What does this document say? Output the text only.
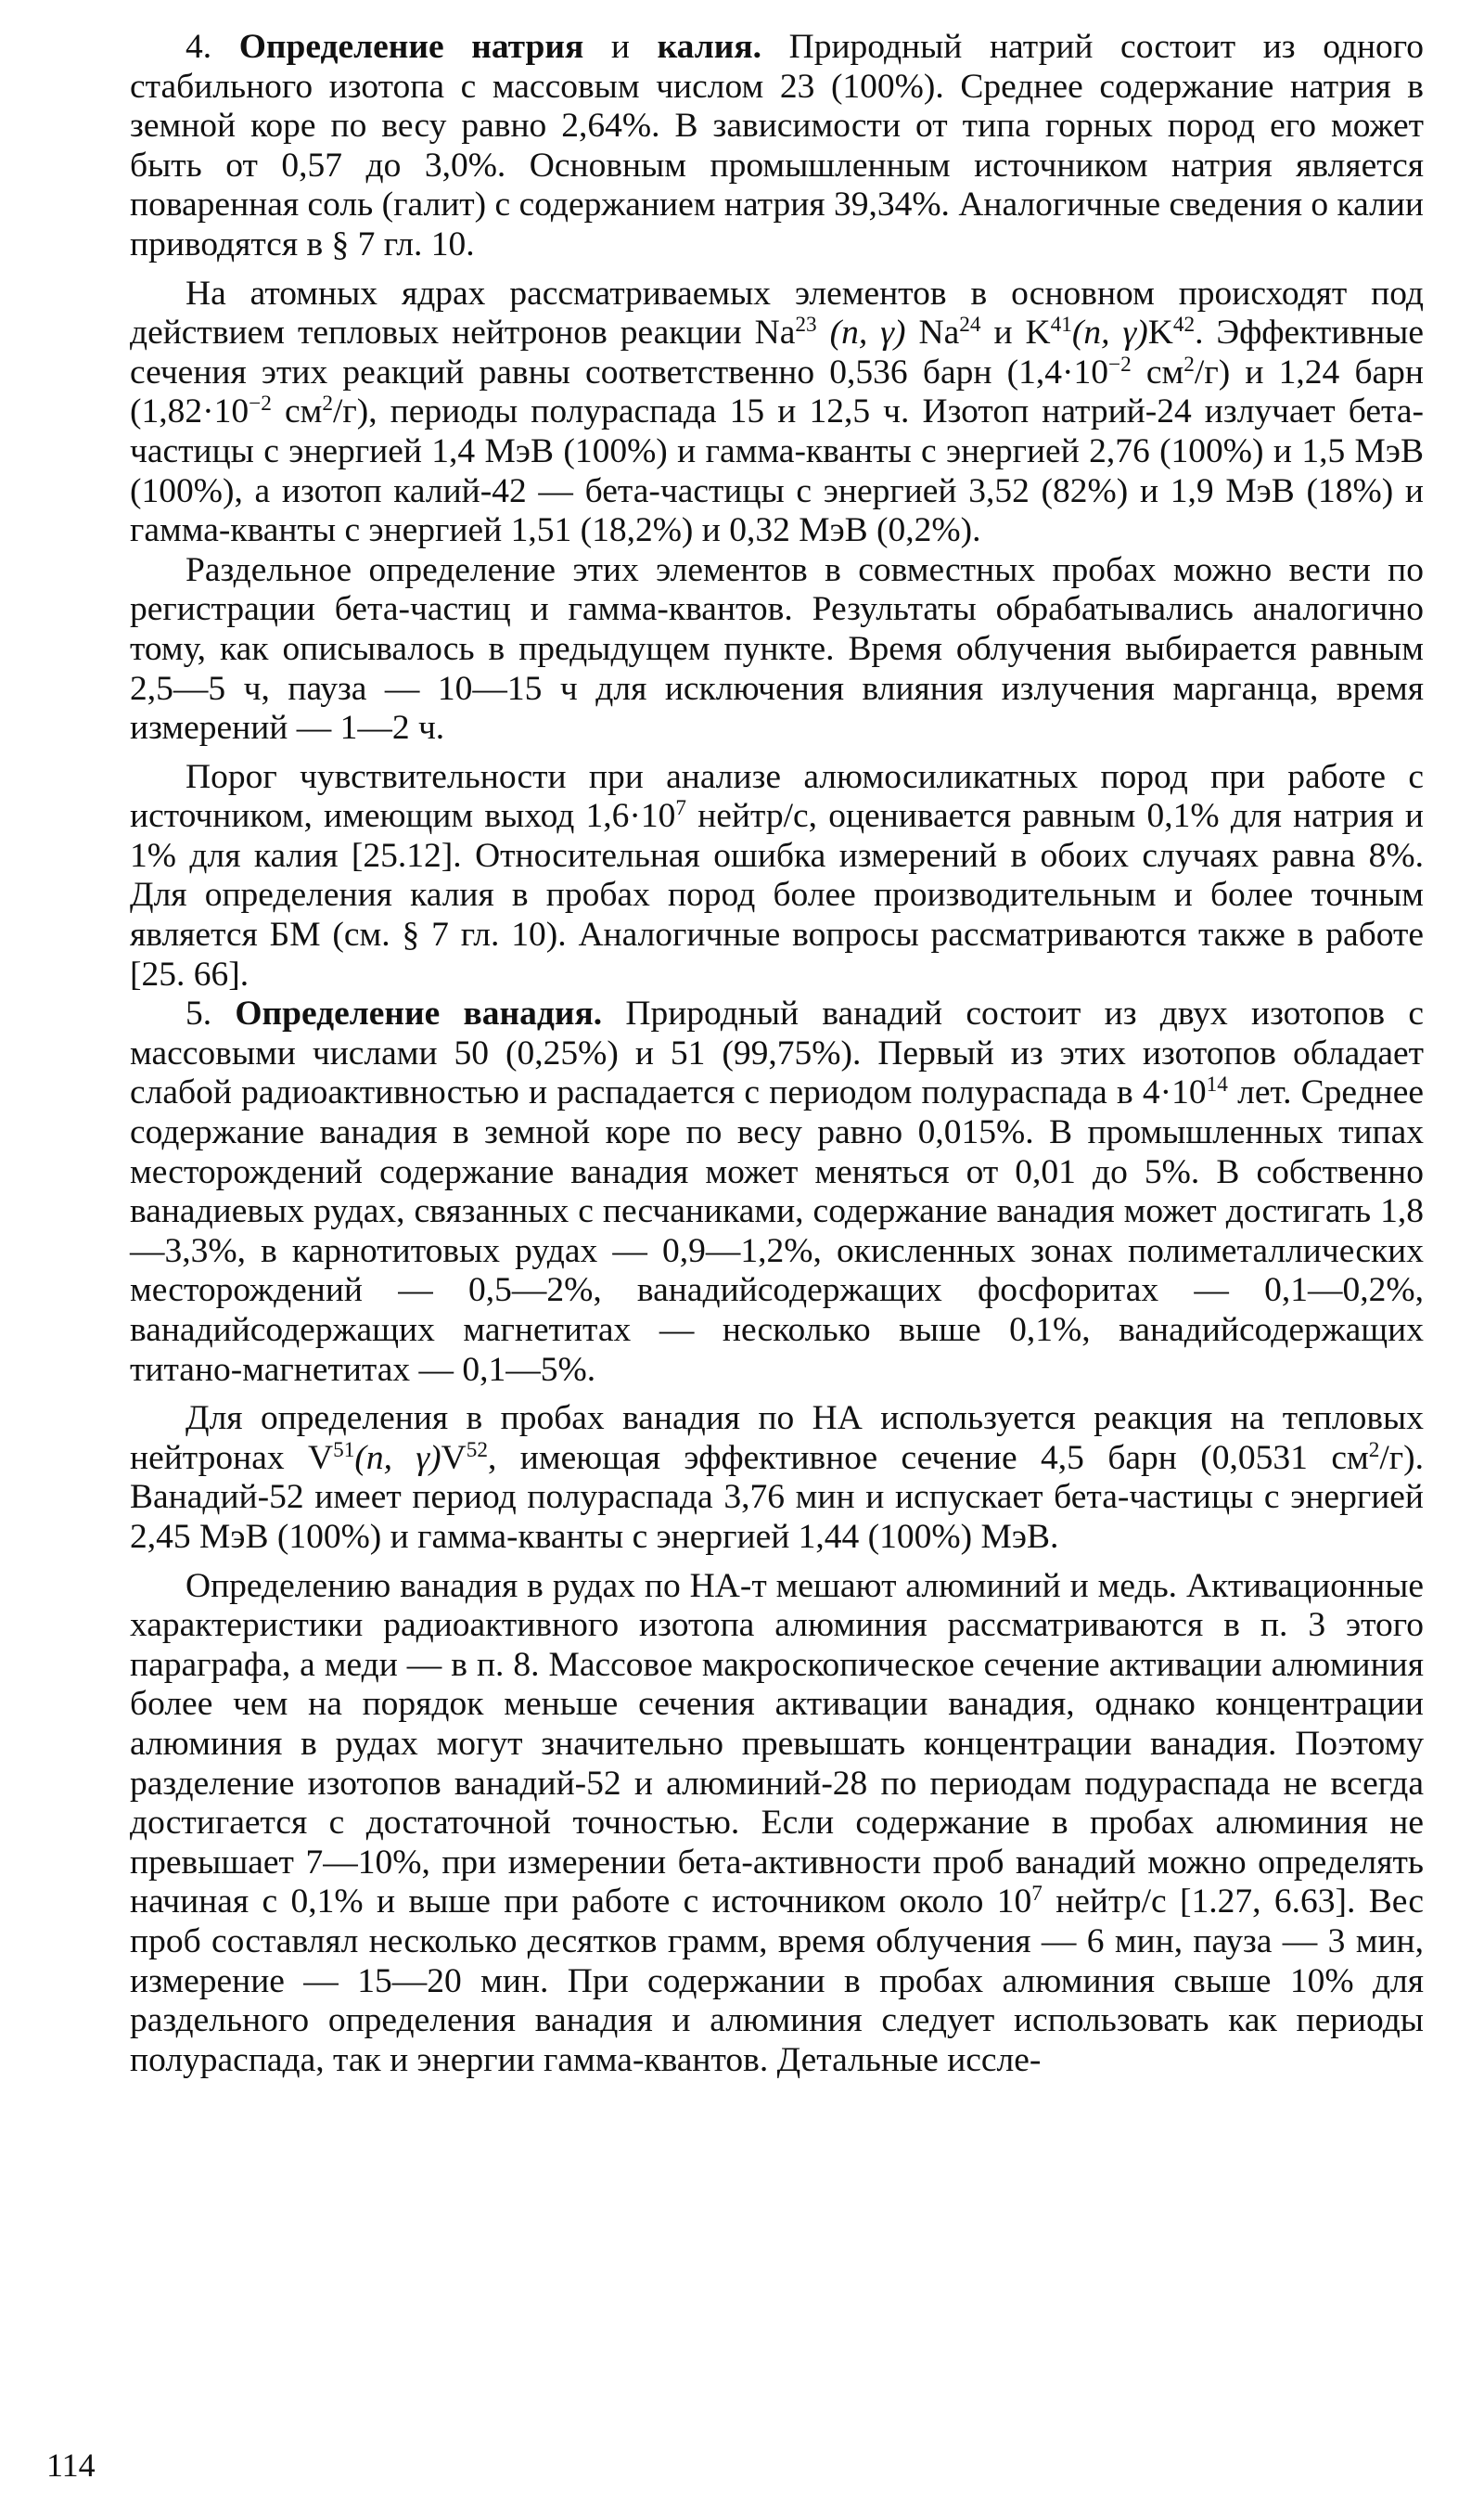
4. Определение натрия и калия. Природный натрий состоит из одного стабильного изотопа с массовым числом 23 (100%). Среднее содержание натрия в земной коре по весу равно 2,64%. В зависимости от типа горных пород его может быть от 0,57 до 3,0%. Основным промышленным источником натрия является поваренная соль (галит) с содержанием натрия 39,34%. Аналогичные сведения о калии приводятся в § 7 гл. 10.

На атомных ядрах рассматриваемых элементов в основном происходят под действием тепловых нейтронов реакции Na$^{23}$ (n, γ) Na$^{24}$ и $K^{41}(n$, $\gamma)K^{42}$. Эффективные сечения этих реакций равны соответственно 0,536 барн ($1,4\cdot 10^{-2}$ $см^2/г$) и 1,24 барн ($1,82\cdot 10^{-2}$ $см^2/г$), периоды полураспада 15 и 12,5 ч. Изотоп натрий-24 излучает бета-частицы с энергией 1,4 МэВ (100%) и гамма-кванты с энергией 2,76 (100%) и 1,5 МэВ (100%), а изотоп калий-42 — бета-частицы с энергией 3,52 (82%) и 1,9 МэВ (18%) и гамма-кванты с энергией 1,51 (18,2%) и 0,32 МэВ (0,2%).

Раздельное определение этих элементов в совместных пробах можно вести по регистрации бета-частиц и гамма-квантов. Результаты обрабатывались аналогично тому, как описывалось в предыдущем пункте. Время облучения выбирается равным 2,5—5 ч, пауза — 10—15 ч для исключения влияния излучения марганца, время измерений — 1—2 ч.

Порог чувствительности при анализе алюмосиликатных пород при работе с источником, имеющим выход $1,6\cdot 10^7$ нейтр/с, оценивается равным 0,1% для натрия и 1% для калия [25.12]. Относительная ошибка измерений в обоих случаях равна 8%. Для определения калия в пробах пород более производительным и более точным является БМ (см. § 7 гл. 10). Аналогичные вопросы рассматриваются также в работе [25. 66].

5. Определение ванадия. Природный ванадий состоит из двух изотопов с массовыми числами 50 (0,25%) и 51 (99,75%). Первый из этих изотопов обладает слабой радиоактивностью и распадается с периодом полураспада в $4\cdot 10^{14}$ лет. Среднее содержание ванадия в земной коре по весу равно 0,015%. В промышленных типах месторождений содержание ванадия может меняться от 0,01 до 5%. В собственно ванадиевых рудах, связанных с песчаниками, содержание ванадия может достигать 1,8—3,3%, в карнотитовых рудах — 0,9—1,2%, окисленных зонах полиметаллических месторождений — 0,5—2%, ванадийсодержащих фосфоритах — 0,1—0,2%, ванадийсодержащих магнетитах — несколько выше 0,1%, ванадийсодержащих титано-магнетитах — 0,1—5%.

Для определения в пробах ванадия по НА используется реакция на тепловых нейтронах $V^{51}(n$, $\gamma)V^{52}$, имеющая эффективное сечение 4,5 барн (0,0531 $см^2/г$). Ванадий-52 имеет период полураспада 3,76 мин и испускает бета-частицы с энергией 2,45 МэВ (100%) и гамма-кванты с энергией 1,44 (100%) МэВ.

Определению ванадия в рудах по НА-т мешают алюминий и медь. Активационные характеристики радиоактивного изотопа алюминия рассматриваются в п. 3 этого параграфа, а меди — в п. 8. Массовое макроскопическое сечение активации алюминия более чем на порядок меньше сечения активации ванадия, однако концентрации алюминия в рудах могут значительно превышать концентрации ванадия. Поэтому разделение изотопов ванадий-52 и алюминий-28 по периодам подураспада не всегда достигается с достаточной точностью. Если содержание в пробах алюминия не превышает 7—10%, при измерении бета-активности проб ванадий можно определять начиная с 0,1% и выше при работе с источником около $10^7$ нейтр/с [1.27, 6.63]. Вес проб составлял несколько десятков грамм, время облучения — 6 мин, пауза — 3 мин, измерение — 15—20 мин. При содержании в пробах алюминия свыше 10% для раздельного определения ванадия и алюминия следует использовать как периоды полураспада, так и энергии гамма-квантов. Детальные иссле-

114
